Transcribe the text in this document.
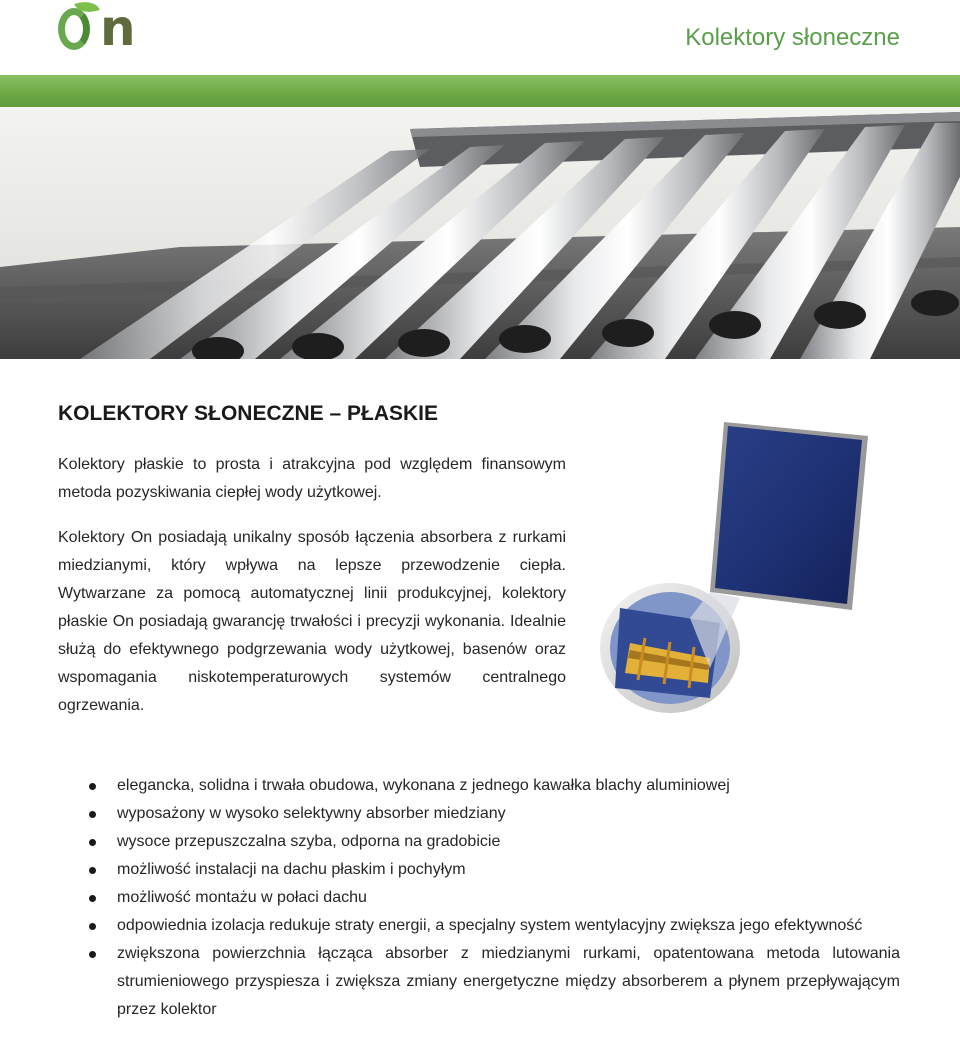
n	Kolektory słoneczne
KOLEKTORY SŁONECZNE – PŁASKIE

Kolektory płaskie to prosta i atrakcyjna pod względem finansowym metoda pozyskiwania ciepłej wody użytkowej.

Kolektory On posiadają unikalny sposób łączenia absorbera z rurkami miedzianymi, który wpływa na lepsze przewodzenie ciepła. Wytwarzane za pomocą automatycznej linii produkcyjnej, kolektory płaskie On posiadają gwarancję trwałości i precyzji wykonania. Idealnie służą do efektywnego podgrzewania wody użytkowej, basenów oraz wspomagania niskotemperaturowych systemów centralnego ogrzewania.

elegancka, solidna i trwała obudowa, wykonana z jednego kawałka blachy aluminiowej
wyposażony w wysoko selektywny absorber miedziany
wysoce przepuszczalna szyba, odporna na gradobicie
możliwość instalacji na dachu płaskim i pochyłym
możliwość montażu w połaci dachu
odpowiednia izolacja redukuje straty energii, a specjalny system wentylacyjny zwiększa jego efektywność
zwiększona powierzchnia łącząca absorber z miedzianymi rurkami, opatentowana metoda lutowania strumieniowego przyspiesza i zwiększa zmiany energetyczne między absorberem a płynem przepływającym przez kolektor
